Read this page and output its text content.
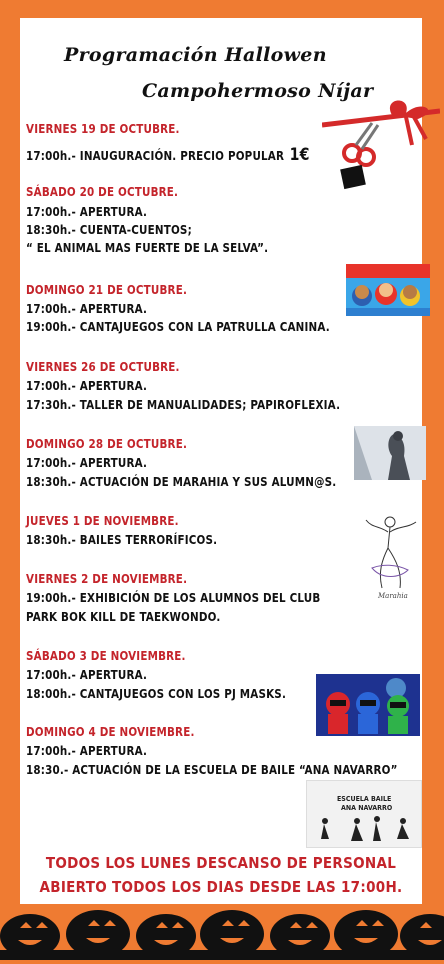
Programación Hallowen
Campohermoso Níjar
VIERNES 19 DE OCTUBRE.
17:00h.- INAUGURACIÓN. PRECIO POPULAR 1€
SÁBADO 20 DE OCTUBRE.
17:00h.- APERTURA.
18:30h.- CUENTA-CUENTOS;
“ EL ANIMAL MAS FUERTE DE LA SELVA”.
DOMINGO 21 DE OCTUBRE.
17:00h.- APERTURA.
19:00h.- CANTAJUEGOS CON LA PATRULLA CANINA.
VIERNES 26 DE OCTUBRE.
17:00h.- APERTURA.
17:30h.- TALLER DE MANUALIDADES; PAPIROFLEXIA.
DOMINGO 28 DE OCTUBRE.
17:00h.- APERTURA.
18:30h.- ACTUACIÓN DE MARAHIA Y SUS ALUMN@S.
JUEVES 1 DE NOVIEMBRE.
18:30h.- BAILES TERRORÍFICOS.
VIERNES 2 DE NOVIEMBRE.
19:00h.- EXHIBICIÓN DE LOS ALUMNOS DEL CLUB
PARK BOK KILL DE TAEKWONDO.
SÁBADO 3 DE NOVIEMBRE.
17:00h.- APERTURA.
18:00h.- CANTAJUEGOS CON LOS PJ MASKS.
DOMINGO 4 DE NOVIEMBRE.
17:00h.- APERTURA.
18:30.- ACTUACIÓN DE LA ESCUELA DE BAILE “ANA NAVARRO”
TODOS LOS LUNES DESCANSO DE PERSONAL
ABIERTO TODOS LOS DIAS DESDE LAS 17:00H.
Marahia
ESCUELA BAILE
ANA NAVARRO
